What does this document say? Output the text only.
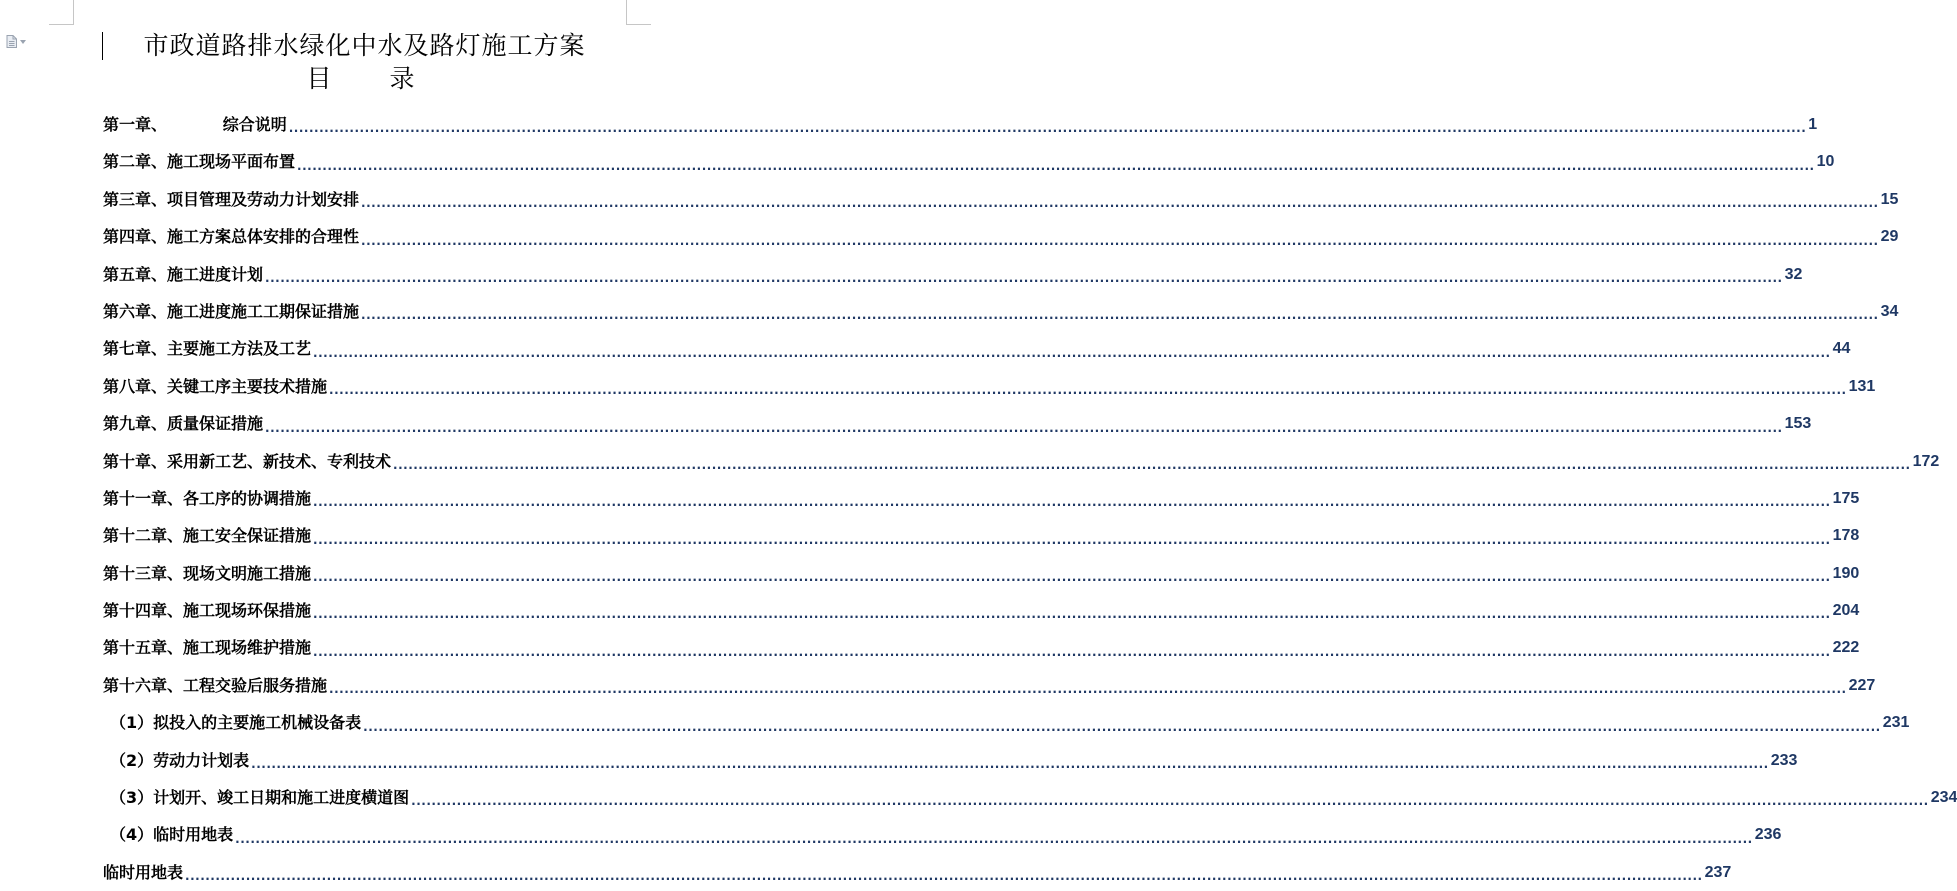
市政道路排水绿化中水及路灯施工方案
目 录
第一章、          综合说明 ............................................................................................................................................................................................................................................................................................................ 1
第二章、施工现场平面布置 ............................................................................................................................................................................................................................................................................................................ 10
第三章、项目管理及劳动力计划安排 ............................................................................................................................................................................................................................................................................................................ 15
第四章、施工方案总体安排的合理性 ............................................................................................................................................................................................................................................................................................................ 29
第五章、施工进度计划 ............................................................................................................................................................................................................................................................................................................ 32
第六章、施工进度施工工期保证措施 ............................................................................................................................................................................................................................................................................................................ 34
第七章、主要施工方法及工艺 ............................................................................................................................................................................................................................................................................................................ 44
第八章、关键工序主要技术措施 ............................................................................................................................................................................................................................................................................................................ 131
第九章、质量保证措施 ............................................................................................................................................................................................................................................................................................................ 153
第十章、采用新工艺、新技术、专利技术 ............................................................................................................................................................................................................................................................................................................ 172
第十一章、各工序的协调措施 ............................................................................................................................................................................................................................................................................................................ 175
第十二章、施工安全保证措施 ............................................................................................................................................................................................................................................................................................................ 178
第十三章、现场文明施工措施 ............................................................................................................................................................................................................................................................................................................ 190
第十四章、施工现场环保措施 ............................................................................................................................................................................................................................................................................................................ 204
第十五章、施工现场维护措施 ............................................................................................................................................................................................................................................................................................................ 222
第十六章、工程交验后服务措施 ............................................................................................................................................................................................................................................................................................................ 227
（1）拟投入的主要施工机械设备表 ............................................................................................................................................................................................................................................................................................................ 231
（2）劳动力计划表 ............................................................................................................................................................................................................................................................................................................ 233
（3）计划开、竣工日期和施工进度横道图 ............................................................................................................................................................................................................................................................................................................ 234
（4）临时用地表 ............................................................................................................................................................................................................................................................................................................ 236
临时用地表 ............................................................................................................................................................................................................................................................................................................ 237
